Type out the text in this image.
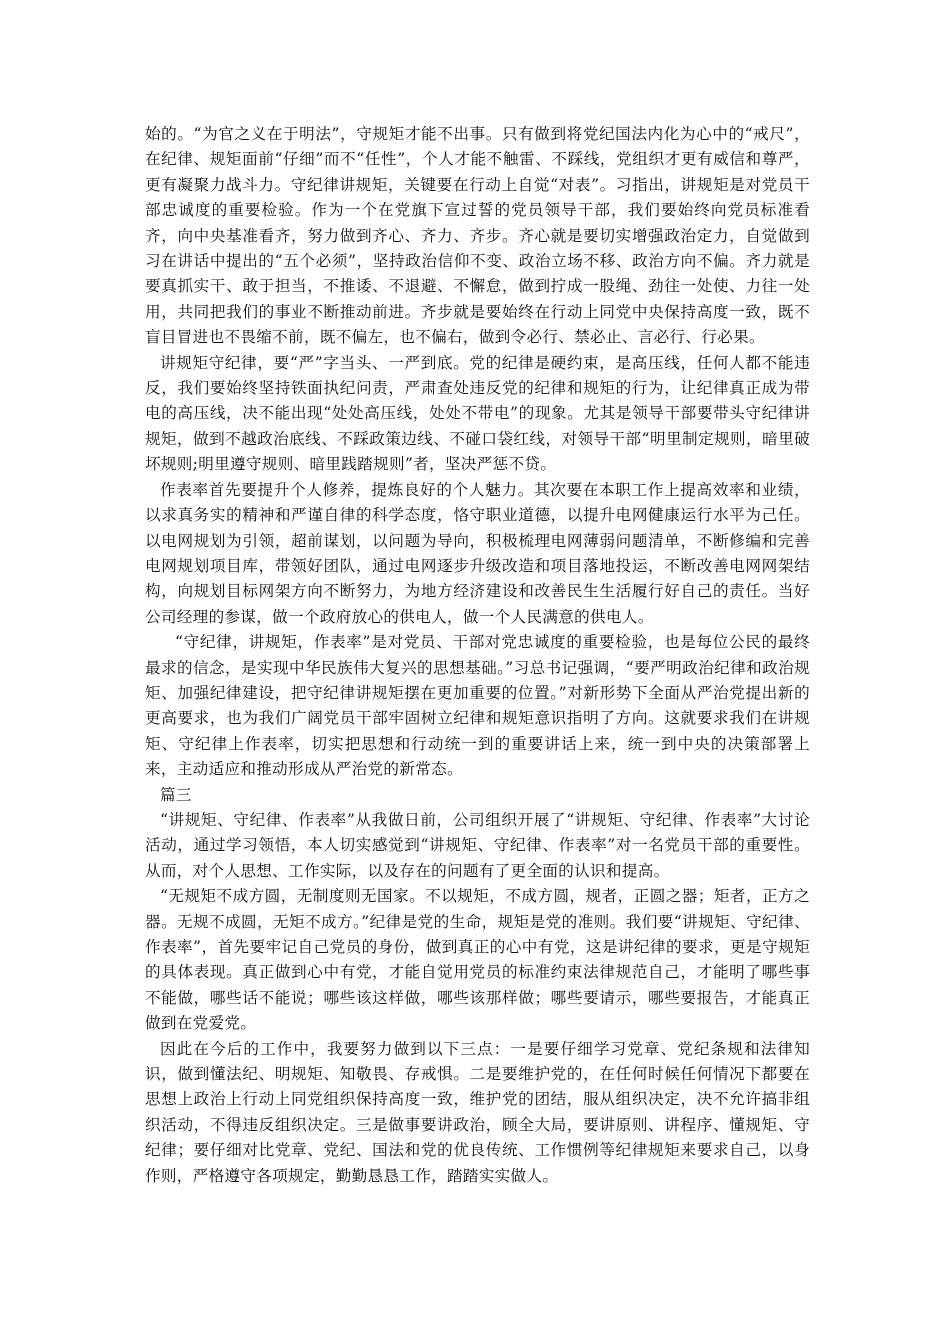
始的。“为官之义在于明法”，守规矩才能不出事。只有做到将党纪国法内化为心中的“戒尺”，在纪律、规矩面前“仔细”而不“任性”，个人才能不触雷、不踩线，党组织才更有威信和尊严，更有凝聚力战斗力。守纪律讲规矩，关键要在行动上自觉“对表”。习指出，讲规矩是对党员干部忠诚度的重要检验。作为一个在党旗下宣过誓的党员领导干部，我们要始终向党员标准看齐，向中央基准看齐，努力做到齐心、齐力、齐步。齐心就是要切实增强政治定力，自觉做到习在讲话中提出的“五个必须”，坚持政治信仰不变、政治立场不移、政治方向不偏。齐力就是要真抓实干、敢于担当，不推诿、不退避、不懈怠，做到拧成一股绳、劲往一处使、力往一处用，共同把我们的事业不断推动前进。齐步就是要始终在行动上同党中央保持高度一致，既不盲目冒进也不畏缩不前，既不偏左，也不偏右，做到令必行、禁必止、言必行、行必果。

讲规矩守纪律，要“严”字当头、一严到底。党的纪律是硬约束，是高压线，任何人都不能违反，我们要始终坚持铁面执纪问责，严肃查处违反党的纪律和规矩的行为，让纪律真正成为带电的高压线，决不能出现“处处高压线，处处不带电”的现象。尤其是领导干部要带头守纪律讲规矩，做到不越政治底线、不踩政策边线、不碰口袋红线，对领导干部“明里制定规则，暗里破坏规则;明里遵守规则、暗里践踏规则”者，坚决严惩不贷。

作表率首先要提升个人修养，提炼良好的个人魅力。其次要在本职工作上提高效率和业绩，以求真务实的精神和严谨自律的科学态度，恪守职业道德，以提升电网健康运行水平为己任。以电网规划为引领，超前谋划，以问题为导向，积极梳理电网薄弱问题清单，不断修编和完善电网规划项目库，带领好团队，通过电网逐步升级改造和项目落地投运，不断改善电网网架结构，向规划目标网架方向不断努力，为地方经济建设和改善民生生活履行好自己的责任。当好公司经理的参谋，做一个政府放心的供电人，做一个人民满意的供电人。

“守纪律，讲规矩，作表率”是对党员、干部对党忠诚度的重要检验，也是每位公民的最终最求的信念，是实现中华民族伟大复兴的思想基础。”习总书记强调，“要严明政治纪律和政治规矩、加强纪律建设，把守纪律讲规矩摆在更加重要的位置。”对新形势下全面从严治党提出新的更高要求，也为我们广阔党员干部牢固树立纪律和规矩意识指明了方向。这就要求我们在讲规矩、守纪律上作表率，切实把思想和行动统一到的重要讲话上来，统一到中央的决策部署上来，主动适应和推动形成从严治党的新常态。

篇三

“讲规矩、守纪律、作表率”从我做日前，公司组织开展了“讲规矩、守纪律、作表率”大讨论活动，通过学习领悟，本人切实感觉到“讲规矩、守纪律、作表率”对一名党员干部的重要性。从而，对个人思想、工作实际，以及存在的问题有了更全面的认识和提高。

“无规矩不成方圆，无制度则无国家。不以规矩，不成方圆，规者，正圆之器；矩者，正方之器。无规不成圆，无矩不成方。”纪律是党的生命，规矩是党的准则。我们要“讲规矩、守纪律、作表率”，首先要牢记自己党员的身份，做到真正的心中有党，这是讲纪律的要求，更是守规矩的具体表现。真正做到心中有党，才能自觉用党员的标准约束法律规范自己，才能明了哪些事不能做，哪些话不能说；哪些该这样做，哪些该那样做；哪些要请示，哪些要报告，才能真正做到在党爱党。

因此在今后的工作中，我要努力做到以下三点：一是要仔细学习党章、党纪条规和法律知识，做到懂法纪、明规矩、知敬畏、存戒惧。二是要维护党的，在任何时候任何情况下都要在思想上政治上行动上同党组织保持高度一致，维护党的团结，服从组织决定，决不允许搞非组织活动，不得违反组织决定。三是做事要讲政治，顾全大局，要讲原则、讲程序、懂规矩、守纪律；要仔细对比党章、党纪、国法和党的优良传统、工作惯例等纪律规矩来要求自己，以身作则，严格遵守各项规定，勤勤恳恳工作，踏踏实实做人。
